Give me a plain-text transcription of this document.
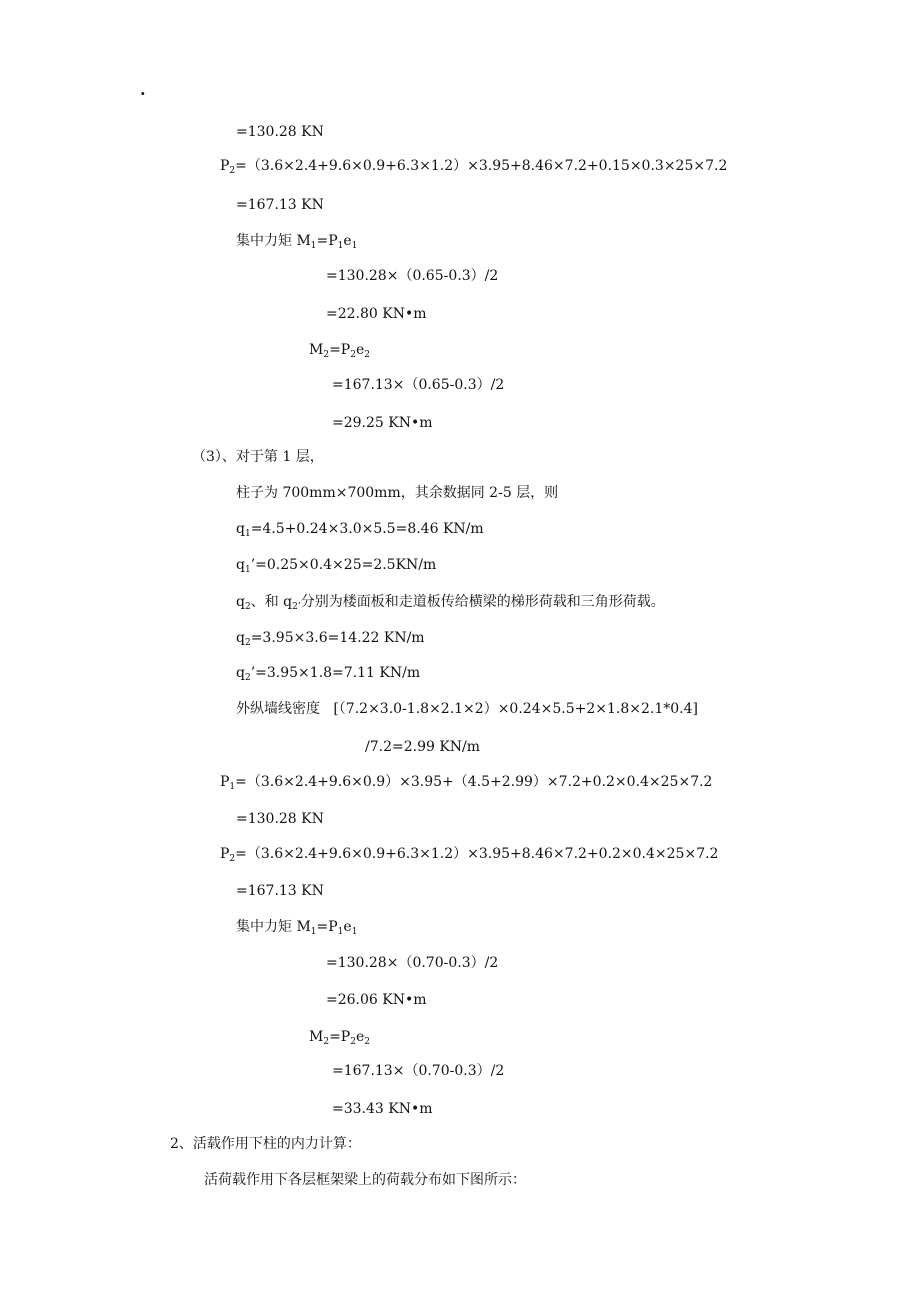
.
=130.28 KN
$P_2=(3.6\times 2.4+9.6\times 0.9+6.3\times 1.2)\times 3.95+8.46\times 7.2+0.15\times 0.3\times 25\times 7.2$
=167.13 KN
集中力矩 $M_1=P_1e_1$
=130.28×（0.65-0.3）/2
=22.80 KN•m
$M_2=P_2e_2$
=167.13×（0.65-0.3）/2
=29.25 KN•m
（3）、对于第 1 层，
柱子为 700mm×700mm，其余数据同 2-5 层，则
$q_1=4.5+0.24\times 3.0\times 5.5=8.46$ KN/m
$q_1’=0.25\times 0.4\times 25=2.5KN/m$
$q_2$、和 $q_{2’}$分别为楼面板和走道板传给横梁的梯形荷载和三角形荷载。
$q_2=3.95\times 3.6=14.22$ KN/m
$q_2’=3.95\times 1.8=7.11$ KN/m
外纵墙线密度   [（7.2×3.0-1.8×2.1×2）×0.24×5.5+2×1.8×2.1*0.4]
/7.2=2.99 KN/m
$P_1=(3.6\times 2.4+9.6\times 0.9)\times 3.95+(4.5+2.99)\times 7.2+0.2\times 0.4\times 25\times 7.2$
=130.28 KN
$P_2=(3.6\times 2.4+9.6\times 0.9+6.3\times 1.2)\times 3.95+8.46\times 7.2+0.2\times 0.4\times 25\times 7.2$
=167.13 KN
集中力矩 $M_1=P_1e_1$
=130.28×（0.70-0.3）/2
=26.06 KN•m
$M_2=P_2e_2$
=167.13×（0.70-0.3）/2
=33.43 KN•m
2、活载作用下柱的内力计算：
活荷载作用下各层框架梁上的荷载分布如下图所示：
